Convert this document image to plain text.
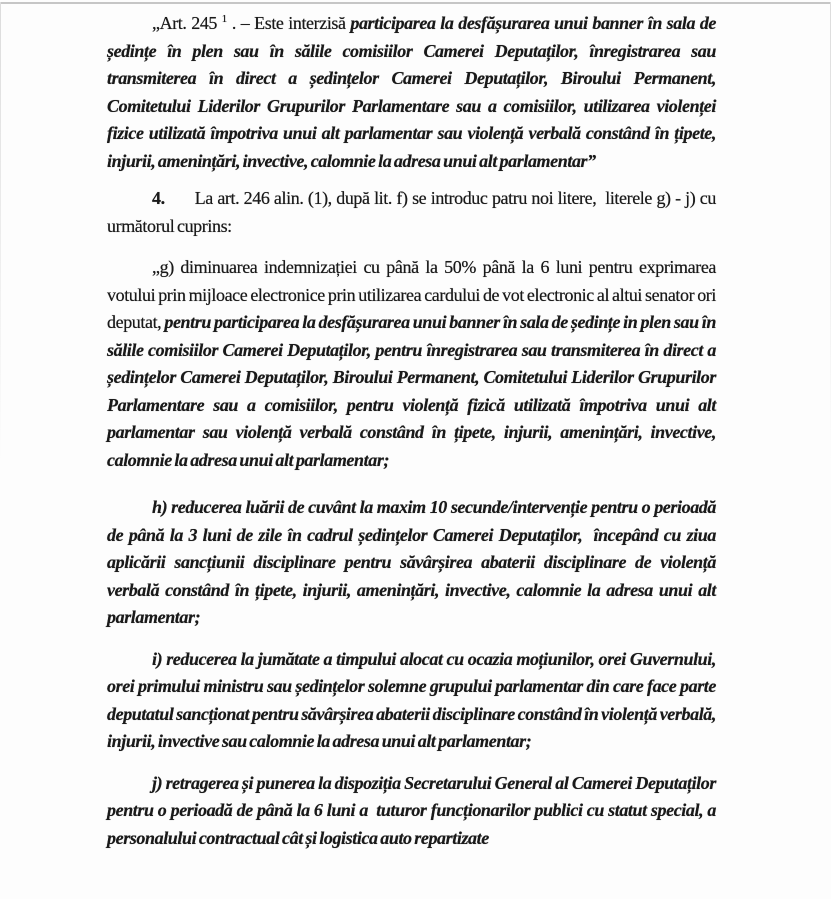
„Art. 245 $^1$ . – Este interzisă participarea la desfășurarea unui banner în sala de ședințe în plen sau în sălile comisiilor Camerei Deputaților, înregistrarea sau transmiterea în direct a ședințelor Camerei Deputaților, Biroului Permanent, Comitetului Liderilor Grupurilor Parlamentare sau a comisiilor, utilizarea violenței fizice utilizată împotriva unui alt parlamentar sau violență verbală constând în țipete, injurii, amenințări, invective, calomnie la adresa unui alt parlamentar”

4. La art. 246 alin. (1), după lit. f) se introduc patru noi litere,  literele g) - j) cu următorul cuprins:

„g) diminuarea indemnizației cu până la 50% până la 6 luni pentru exprimarea votului prin mijloace electronice prin utilizarea cardului de vot electronic al altui senator ori deputat, pentru participarea la desfășurarea unui banner în sala de ședințe in plen sau în sălile comisiilor Camerei Deputaților, pentru înregistrarea sau transmiterea în direct a ședințelor Camerei Deputaților, Biroului Permanent, Comitetului Liderilor Grupurilor Parlamentare sau a comisiilor, pentru violență fizică utilizată împotriva unui alt parlamentar sau violență verbală constând în țipete, injurii, amenințări, invective, calomnie la adresa unui alt parlamentar;

h) reducerea luării de cuvânt la maxim 10 secunde/intervenție pentru o perioadă de până la 3 luni de zile în cadrul ședințelor Camerei Deputaților,  începând cu ziua aplicării sancțiunii disciplinare pentru săvârșirea abaterii disciplinare de violență verbală constând în țipete, injurii, amenințări, invective, calomnie la adresa unui alt parlamentar;

i) reducerea la jumătate a timpului alocat cu ocazia moțiunilor, orei Guvernului, orei primului ministru sau ședințelor solemne grupului parlamentar din care face parte deputatul sancționat pentru săvârșirea abaterii disciplinare constând în violență verbală, injurii, invective sau calomnie la adresa unui alt parlamentar;

j) retragerea și punerea la dispoziția Secretarului General al Camerei Deputaților pentru o perioadă de până la 6 luni a  tuturor funcționarilor publici cu statut special, a personalului contractual cât și logistica auto repartizate
